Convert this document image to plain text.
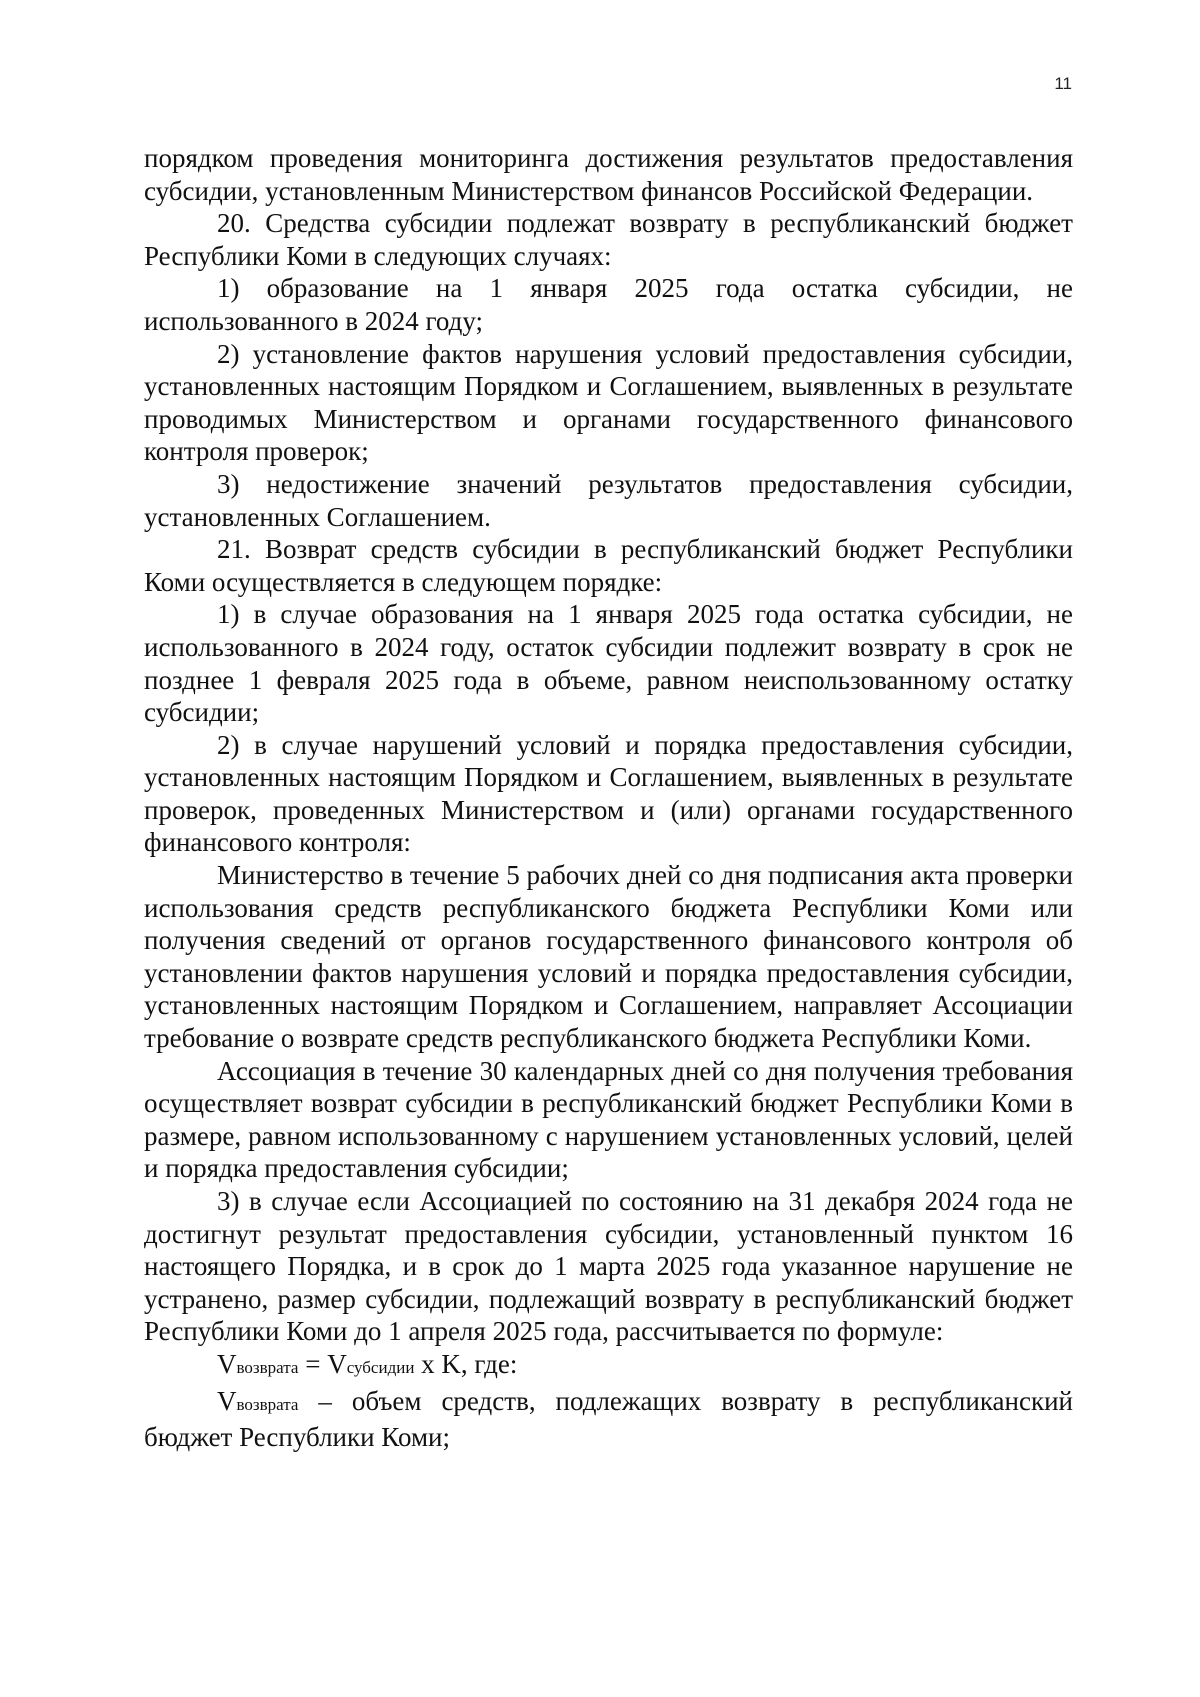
11

порядком проведения мониторинга достижения результатов предоставления субсидии, установленным Министерством финансов Российской Федерации.

20. Средства субсидии подлежат возврату в республиканский бюджет Республики Коми в следующих случаях:

1) образование на 1 января 2025 года остатка субсидии, не использованного в 2024 году;

2) установление фактов нарушения условий предоставления субсидии, установленных настоящим Порядком и Соглашением, выявленных в результате проводимых Министерством и органами государственного финансового контроля проверок;

3) недостижение значений результатов предоставления субсидии, установленных Соглашением.

21. Возврат средств субсидии в республиканский бюджет Республики Коми осуществляется в следующем порядке:

1) в случае образования на 1 января 2025 года остатка субсидии, не использованного в 2024 году, остаток субсидии подлежит возврату в срок не позднее 1 февраля 2025 года в объеме, равном неиспользованному остатку субсидии;

2) в случае нарушений условий и порядка предоставления субсидии, установленных настоящим Порядком и Соглашением, выявленных в результате проверок, проведенных Министерством и (или) органами государственного финансового контроля:

Министерство в течение 5 рабочих дней со дня подписания акта проверки использования средств республиканского бюджета Республики Коми или получения сведений от органов государственного финансового контроля об установлении фактов нарушения условий и порядка предоставления субсидии, установленных настоящим Порядком и Соглашением, направляет Ассоциации требование о возврате средств республиканского бюджета Республики Коми.

Ассоциация в течение 30 календарных дней со дня получения требования осуществляет возврат субсидии в республиканский бюджет Республики Коми в размере, равном использованному с нарушением установленных условий, целей и порядка предоставления субсидии;

3) в случае если Ассоциацией по состоянию на 31 декабря 2024 года не достигнут результат предоставления субсидии, установленный пунктом 16 настоящего Порядка, и в срок до 1 марта 2025 года указанное нарушение не устранено, размер субсидии, подлежащий возврату в республиканский бюджет Республики Коми до 1 апреля 2025 года, рассчитывается по формуле:

Vвозврата = Vсубсидии x K, где:

Vвозврата – объем средств, подлежащих возврату в республиканский бюджет Республики Коми;
